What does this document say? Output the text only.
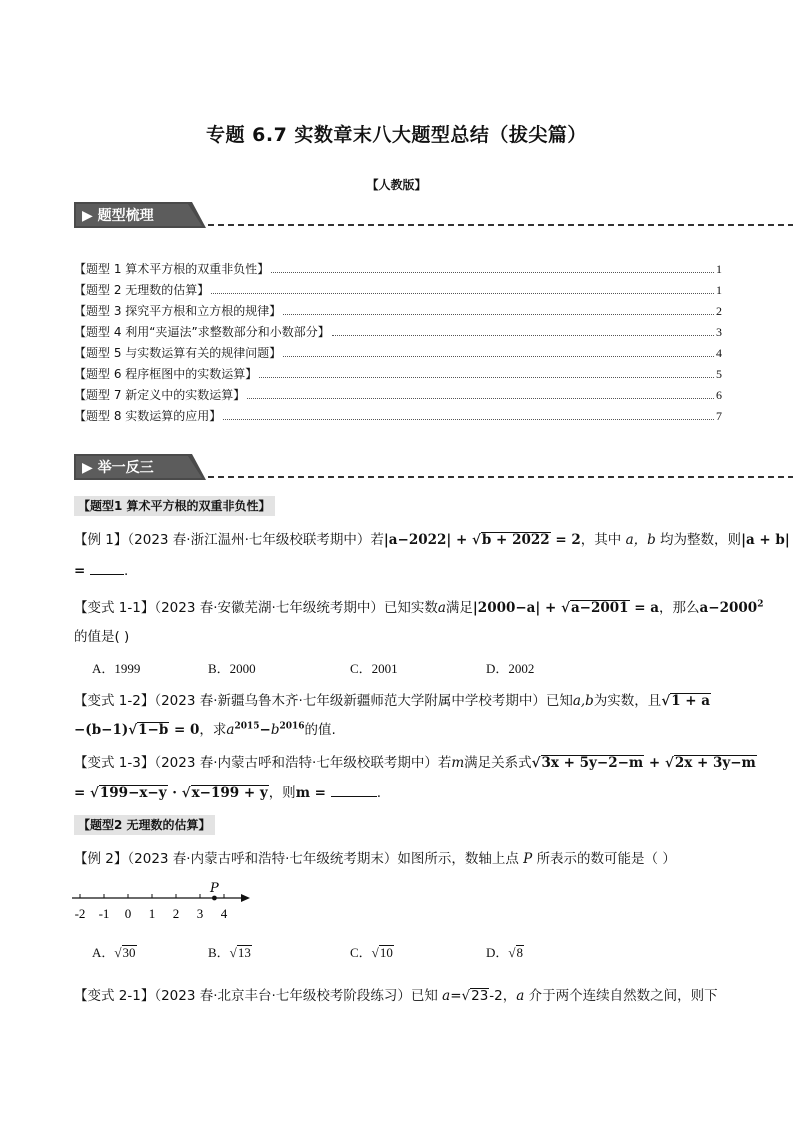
专题 6.7 实数章末八大题型总结（拔尖篇）
【人教版】
▶ 题型梳理
【题型 1 算术平方根的双重非负性】	1
【题型 2 无理数的估算】	1
【题型 3 探究平方根和立方根的规律】	2
【题型 4 利用“夹逼法”求整数部分和小数部分】	3
【题型 5 与实数运算有关的规律问题】	4
【题型 6 程序框图中的实数运算】	5
【题型 7 新定义中的实数运算】	6
【题型 8 实数运算的应用】	7
▶ 举一反三
【题型1 算术平方根的双重非负性】
【例 1】（2023 春·浙江温州·七年级校联考期中）若|a−2022| + √b + 2022 = 2，其中 a，b 均为整数，则|a + b|
=	.
【变式 1-1】（2023 春·安徽芜湖·七年级统考期中）已知实数a满足|2000−a| + √a−2001 = a，那么$a-2000^2$
的值是( )
A．1999	B．2000	C．2001	D．2002
【变式 1-2】（2023 春·新疆乌鲁木齐·七年级新疆师范大学附属中学校考期中）已知a,b为实数，且√1 + a
−(b−1)√1−b = 0，求$a^{2015}-b^{2016}$的值.
【变式 1-3】（2023 春·内蒙古呼和浩特·七年级校联考期中）若m满足关系式√3x + 5y−2−m + √2x + 3y−m
= √199−x−y · √x−199 + y，则m =	.
【题型2 无理数的估算】
【例 2】（2023 春·内蒙古呼和浩特·七年级统考期末）如图所示，数轴上点 P 所表示的数可能是（ ）
-2 -1 0 1 2 3 4
P
A．√30	B．√13	C．√10	D．√8
【变式 2-1】（2023 春·北京丰台·七年级校考阶段练习）已知 a=√23-2，a 介于两个连续自然数之间，则下
